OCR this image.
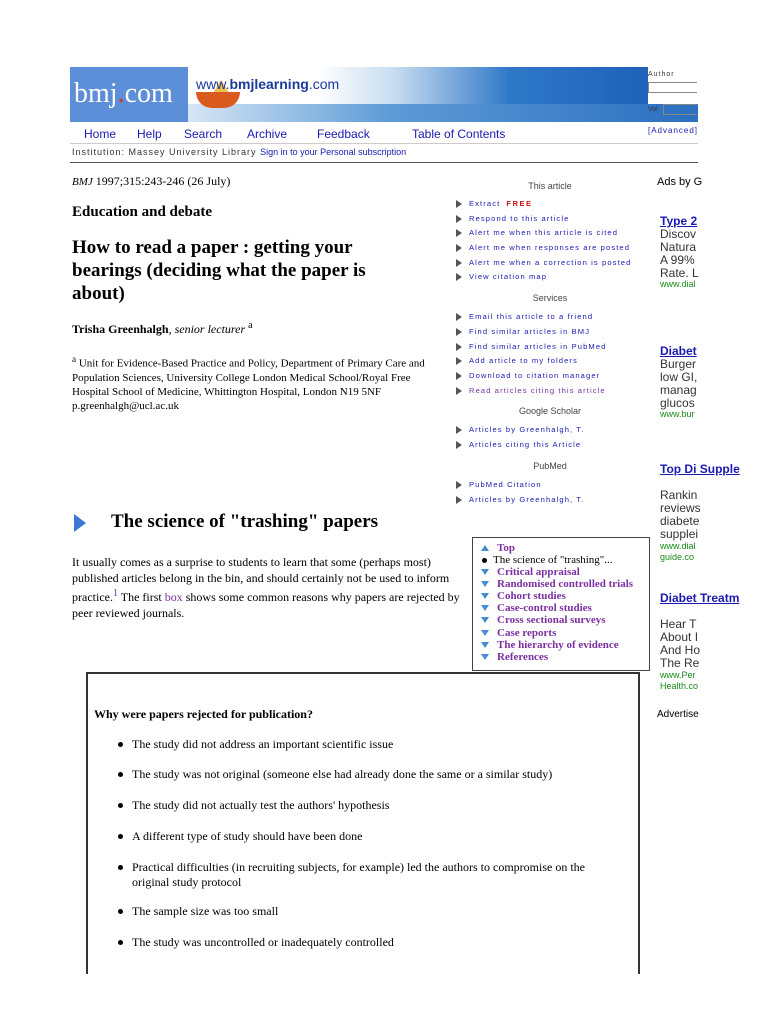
bmj.com www.bmjlearning.com
Author
Vol
[Advanced]
Home Help Search Archive Feedback	Table of Contents
Institution: Massey University Library Sign in to your Personal subscription
BMJ 1997;315:243-246 (26 July)
Education and debate
How to read a paper : getting your bearings (deciding what the paper is about)
Trisha Greenhalgh, senior lecturer $^a$
$^a$ Unit for Evidence-Based Practice and Policy, Department of Primary Care and Population Sciences, University College London Medical School/Royal Free Hospital School of Medicine, Whittington Hospital, London N19 5NF
p.greenhalgh@ucl.ac.uk
The science of "trashing" papers
It usually comes as a surprise to students to learn that some (perhaps most) published articles belong in the bin, and should certainly not be used to inform practice.$^1$ The first box shows some common reasons why papers are rejected by peer reviewed journals.
This article
Extract FREE
Respond to this article
Alert me when this article is cited
Alert me when responses are posted
Alert me when a correction is posted
View citation map
Services
Email this article to a friend
Find similar articles in BMJ
Find similar articles in PubMed
Add article to my folders
Download to citation manager
Read articles citing this article
Google Scholar
Articles by Greenhalgh, T.
Articles citing this Article
PubMed
PubMed Citation
Articles by Greenhalgh, T.
Top
The science of "trashing"...
Critical appraisal
Randomised controlled trials
Cohort studies
Case-control studies
Cross sectional surveys
Case reports
The hierarchy of evidence
References
Why were papers rejected for publication?
The study did not address an important scientific issue
The study was not original (someone else had already done the same or a similar study)
The study did not actually test the authors' hypothesis
A different type of study should have been done
Practical difficulties (in recruiting subjects, for example) led the authors to compromise on the original study protocol
The sample size was too small
The study was uncontrolled or inadequately controlled
Ads by G
Type 2
Discov
Natura
A 99%
Rate. L
www.dial
Diabet
Burger
low GI,
manag
glucos
www.bur
Top Di Supple
Rankin
reviews
diabete
supplei
www.dial
guide.co
Diabet Treatm
Hear T
About I
And Ho
The Re
www.Per
Health.co
Advertise
